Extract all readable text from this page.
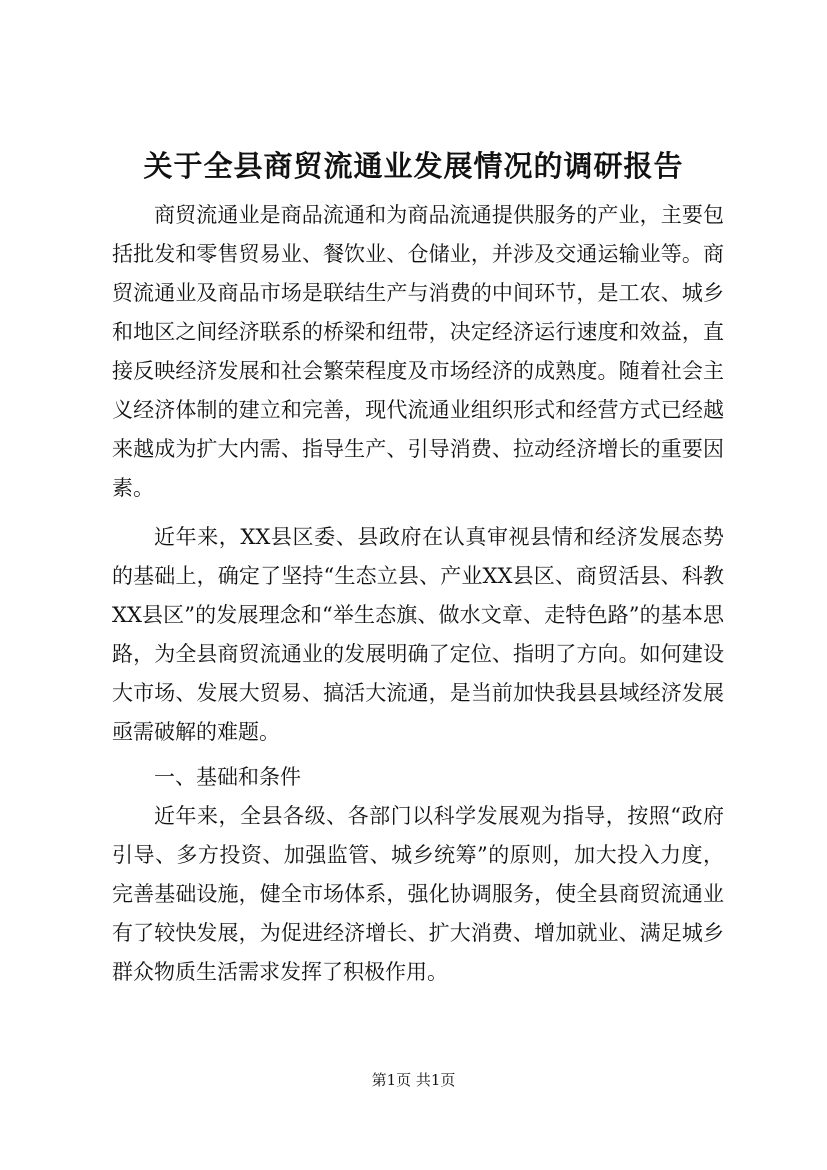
关于全县商贸流通业发展情况的调研报告

商贸流通业是商品流通和为商品流通提供服务的产业，主要包括批发和零售贸易业、餐饮业、仓储业，并涉及交通运输业等。商贸流通业及商品市场是联结生产与消费的中间环节，是工农、城乡和地区之间经济联系的桥梁和纽带，决定经济运行速度和效益，直接反映经济发展和社会繁荣程度及市场经济的成熟度。随着社会主义经济体制的建立和完善，现代流通业组织形式和经营方式已经越来越成为扩大内需、指导生产、引导消费、拉动经济增长的重要因素。

近年来，XX县区委、县政府在认真审视县情和经济发展态势的基础上，确定了坚持“生态立县、产业XX县区、商贸活县、科教XX县区”的发展理念和“举生态旗、做水文章、走特色路”的基本思路，为全县商贸流通业的发展明确了定位、指明了方向。如何建设大市场、发展大贸易、搞活大流通，是当前加快我县县域经济发展亟需破解的难题。

一、基础和条件

近年来，全县各级、各部门以科学发展观为指导，按照“政府引导、多方投资、加强监管、城乡统筹”的原则，加大投入力度，完善基础设施，健全市场体系，强化协调服务，使全县商贸流通业有了较快发展，为促进经济增长、扩大消费、增加就业、满足城乡群众物质生活需求发挥了积极作用。

第1页 共1页
